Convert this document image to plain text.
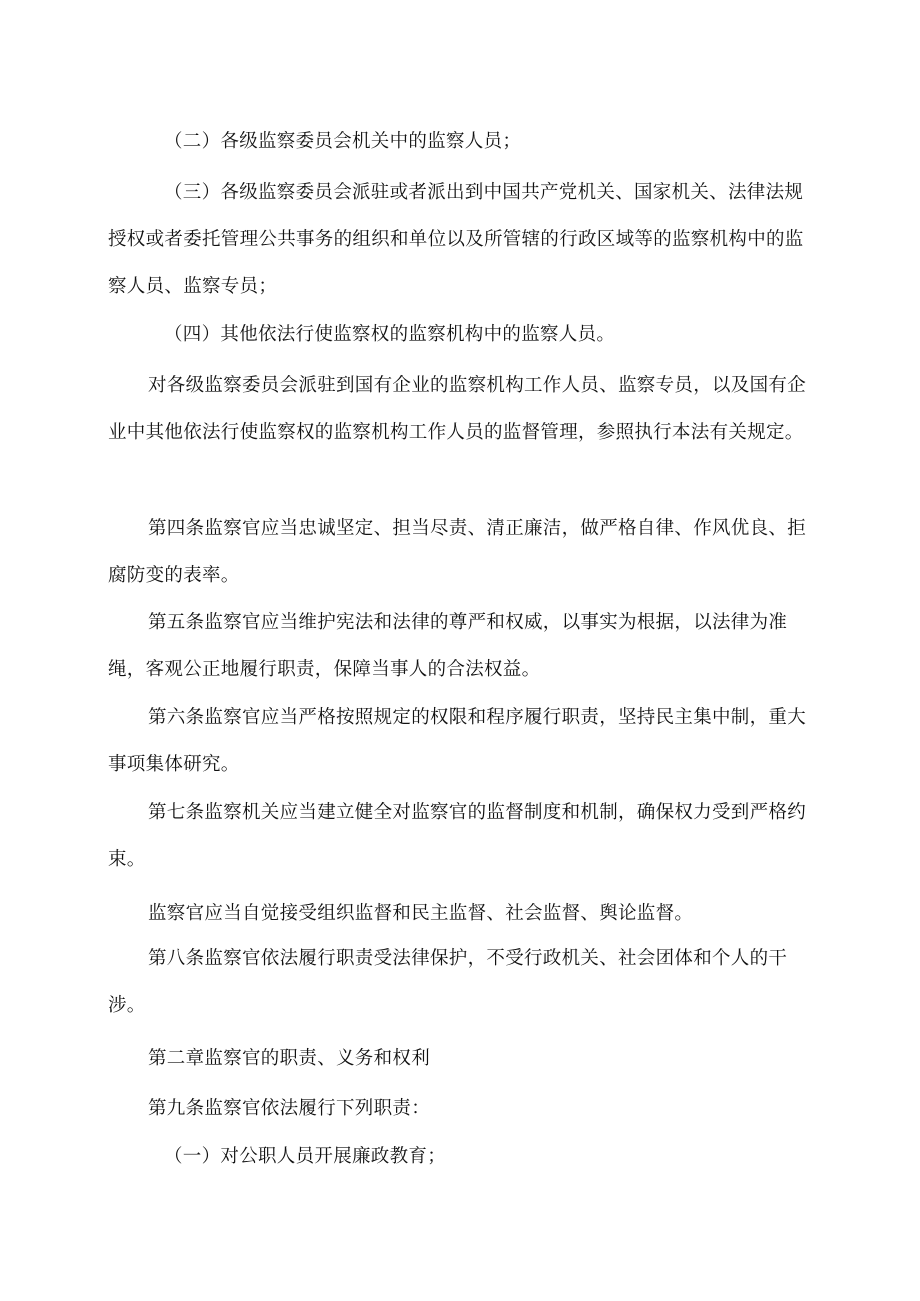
（二）各级监察委员会机关中的监察人员；

（三）各级监察委员会派驻或者派出到中国共产党机关、国家机关、法律法规授权或者委托管理公共事务的组织和单位以及所管辖的行政区域等的监察机构中的监察人员、监察专员；

（四）其他依法行使监察权的监察机构中的监察人员。

对各级监察委员会派驻到国有企业的监察机构工作人员、监察专员，以及国有企业中其他依法行使监察权的监察机构工作人员的监督管理，参照执行本法有关规定。

第四条监察官应当忠诚坚定、担当尽责、清正廉洁，做严格自律、作风优良、拒腐防变的表率。

第五条监察官应当维护宪法和法律的尊严和权威，以事实为根据，以法律为准绳，客观公正地履行职责，保障当事人的合法权益。

第六条监察官应当严格按照规定的权限和程序履行职责，坚持民主集中制，重大事项集体研究。

第七条监察机关应当建立健全对监察官的监督制度和机制，确保权力受到严格约束。

监察官应当自觉接受组织监督和民主监督、社会监督、舆论监督。

第八条监察官依法履行职责受法律保护，不受行政机关、社会团体和个人的干涉。

第二章监察官的职责、义务和权利

第九条监察官依法履行下列职责：

（一）对公职人员开展廉政教育；
